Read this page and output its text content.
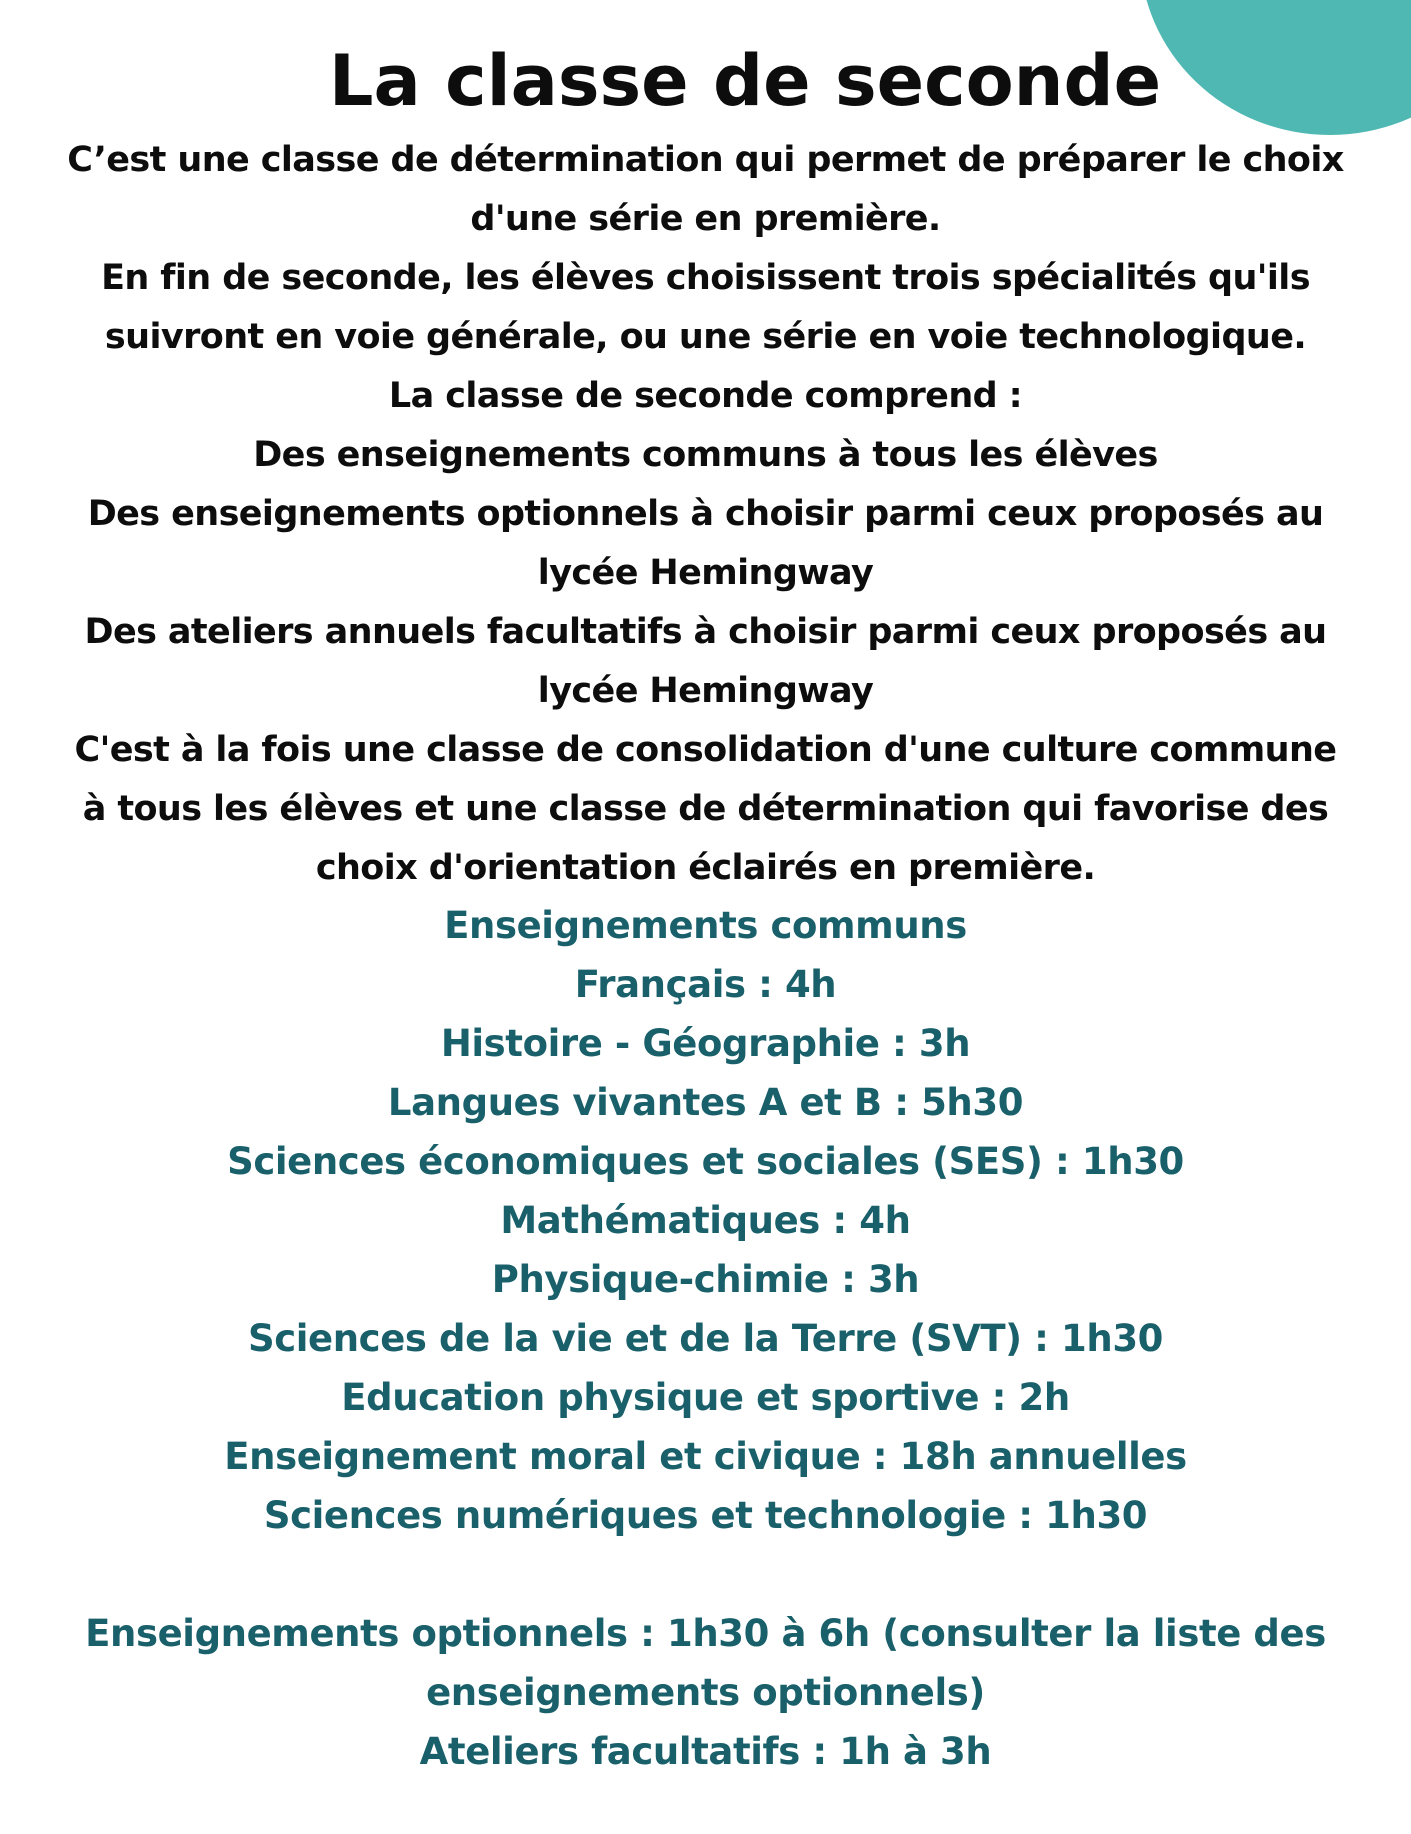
La classe de seconde
C’est une classe de détermination qui permet de préparer le choix
d'une série en première.
En fin de seconde, les élèves choisissent trois spécialités qu'ils
suivront en voie générale, ou une série en voie technologique.
La classe de seconde comprend :
Des enseignements communs à tous les élèves
Des enseignements optionnels à choisir parmi ceux proposés au
lycée Hemingway
Des ateliers annuels facultatifs à choisir parmi ceux proposés au
lycée Hemingway
C'est à la fois une classe de consolidation d'une culture commune
à tous les élèves et une classe de détermination qui favorise des
choix d'orientation éclairés en première.
Enseignements communs
Français : 4h
Histoire - Géographie : 3h
Langues vivantes A et B : 5h30
Sciences économiques et sociales (SES) : 1h30
Mathématiques : 4h
Physique-chimie : 3h
Sciences de la vie et de la Terre (SVT) : 1h30
Education physique et sportive : 2h
Enseignement moral et civique : 18h annuelles
Sciences numériques et technologie : 1h30
Enseignements optionnels : 1h30 à 6h (consulter la liste des
enseignements optionnels)
Ateliers facultatifs : 1h à 3h
